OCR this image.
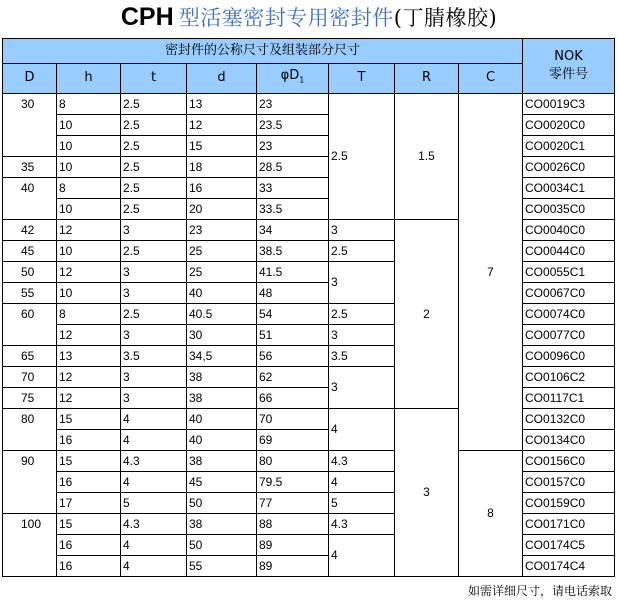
CPH 型活塞密封专用密封件(丁腈橡胶)
密封件的公称尺寸及组装部分尺寸								NOK
零件号

D	h	t	d	$\varphi D_1$	T	R	C	
30	8	2.5	13	23	2.5	1.5	7	CO0019C3
	10	2.5	12	23.5				CO0020C0
	10	2.5	15	23				CO0020C1
35	10	2.5	18	28.5				CO0026C0
40	8	2.5	16	33				CO0034C1
	10	2.5	20	33.5				CO0035C0
42	12	3	23	34	3	2		CO0040C0
45	10	2.5	25	38.5	2.5			CO0044C0
50	12	3	25	41.5	3			CO0055C1
55	10	3	40	48				CO0067C0
60	8	2.5	40.5	54	2.5			CO0074C0
	12	3	30	51	3			CO0077C0
65	13	3.5	34,5	56	3.5			CO0096C0
70	12	3	38	62	3			CO0106C2
75	12	3	38	66				CO0117C1
80	15	4	40	70	4	3		CO0132C0
	16	4	40	69				CO0134C0
90	15	4.3	38	80	4.3		8	CO0156C0
	16	4	45	79.5	4			CO0157C0
	17	5	50	77	5			CO0159C0
100	15	4.3	38	88	4.3			CO0171C0
	16	4	50	89	4			CO0174C5
	16	4	55	89				CO0174C4
如需详细尺寸，请电话索取
